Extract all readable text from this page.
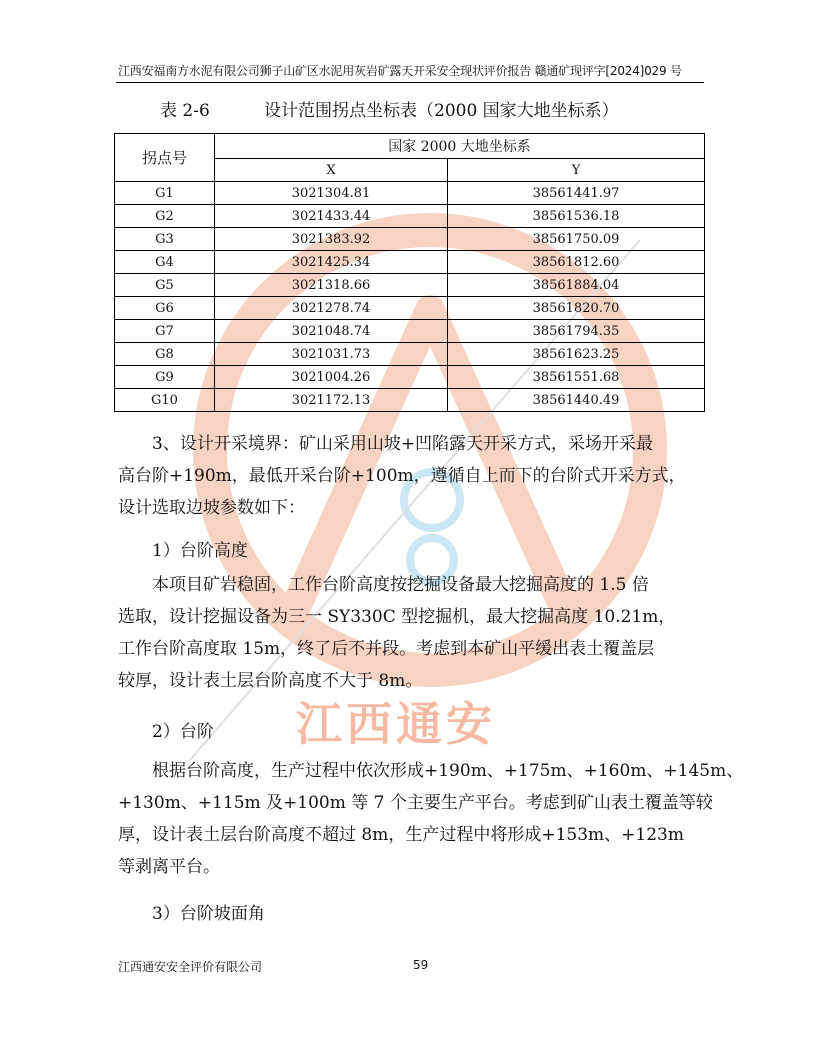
江西通安
江西安福南方水泥有限公司狮子山矿区水泥用灰岩矿露天开采安全现状评价报告 赣通矿现评字[2024]029 号
表 2-6	设计范围拐点坐标表（2000 国家大地坐标系）
拐点号	国家 2000 大地坐标系	
	X	Y
G1	3021304.81	38561441.97
G2	3021433.44	38561536.18
G3	3021383.92	38561750.09
G4	3021425.34	38561812.60
G5	3021318.66	38561884.04
G6	3021278.74	38561820.70
G7	3021048.74	38561794.35
G8	3021031.73	38561623.25
G9	3021004.26	38561551.68
G10	3021172.13	38561440.49
　　3、设计开采境界：矿山采用山坡+凹陷露天开采方式，采场开采最
高台阶+190m，最低开采台阶+100m，遵循自上而下的台阶式开采方式，
设计选取边坡参数如下：
　　1）台阶高度
　　本项目矿岩稳固，工作台阶高度按挖掘设备最大挖掘高度的 1.5 倍
选取，设计挖掘设备为三一 SY330C 型挖掘机，最大挖掘高度 10.21m，
工作台阶高度取 15m，终了后不并段。考虑到本矿山平缓出表土覆盖层
较厚，设计表土层台阶高度不大于 8m。
　　2）台阶
　　根据台阶高度，生产过程中依次形成+190m、+175m、+160m、+145m、
+130m、+115m 及+100m 等 7 个主要生产平台。考虑到矿山表土覆盖等较
厚，设计表土层台阶高度不超过 8m，生产过程中将形成+153m、+123m
等剥离平台。
　　3）台阶坡面角
江西通安安全评价有限公司	59
